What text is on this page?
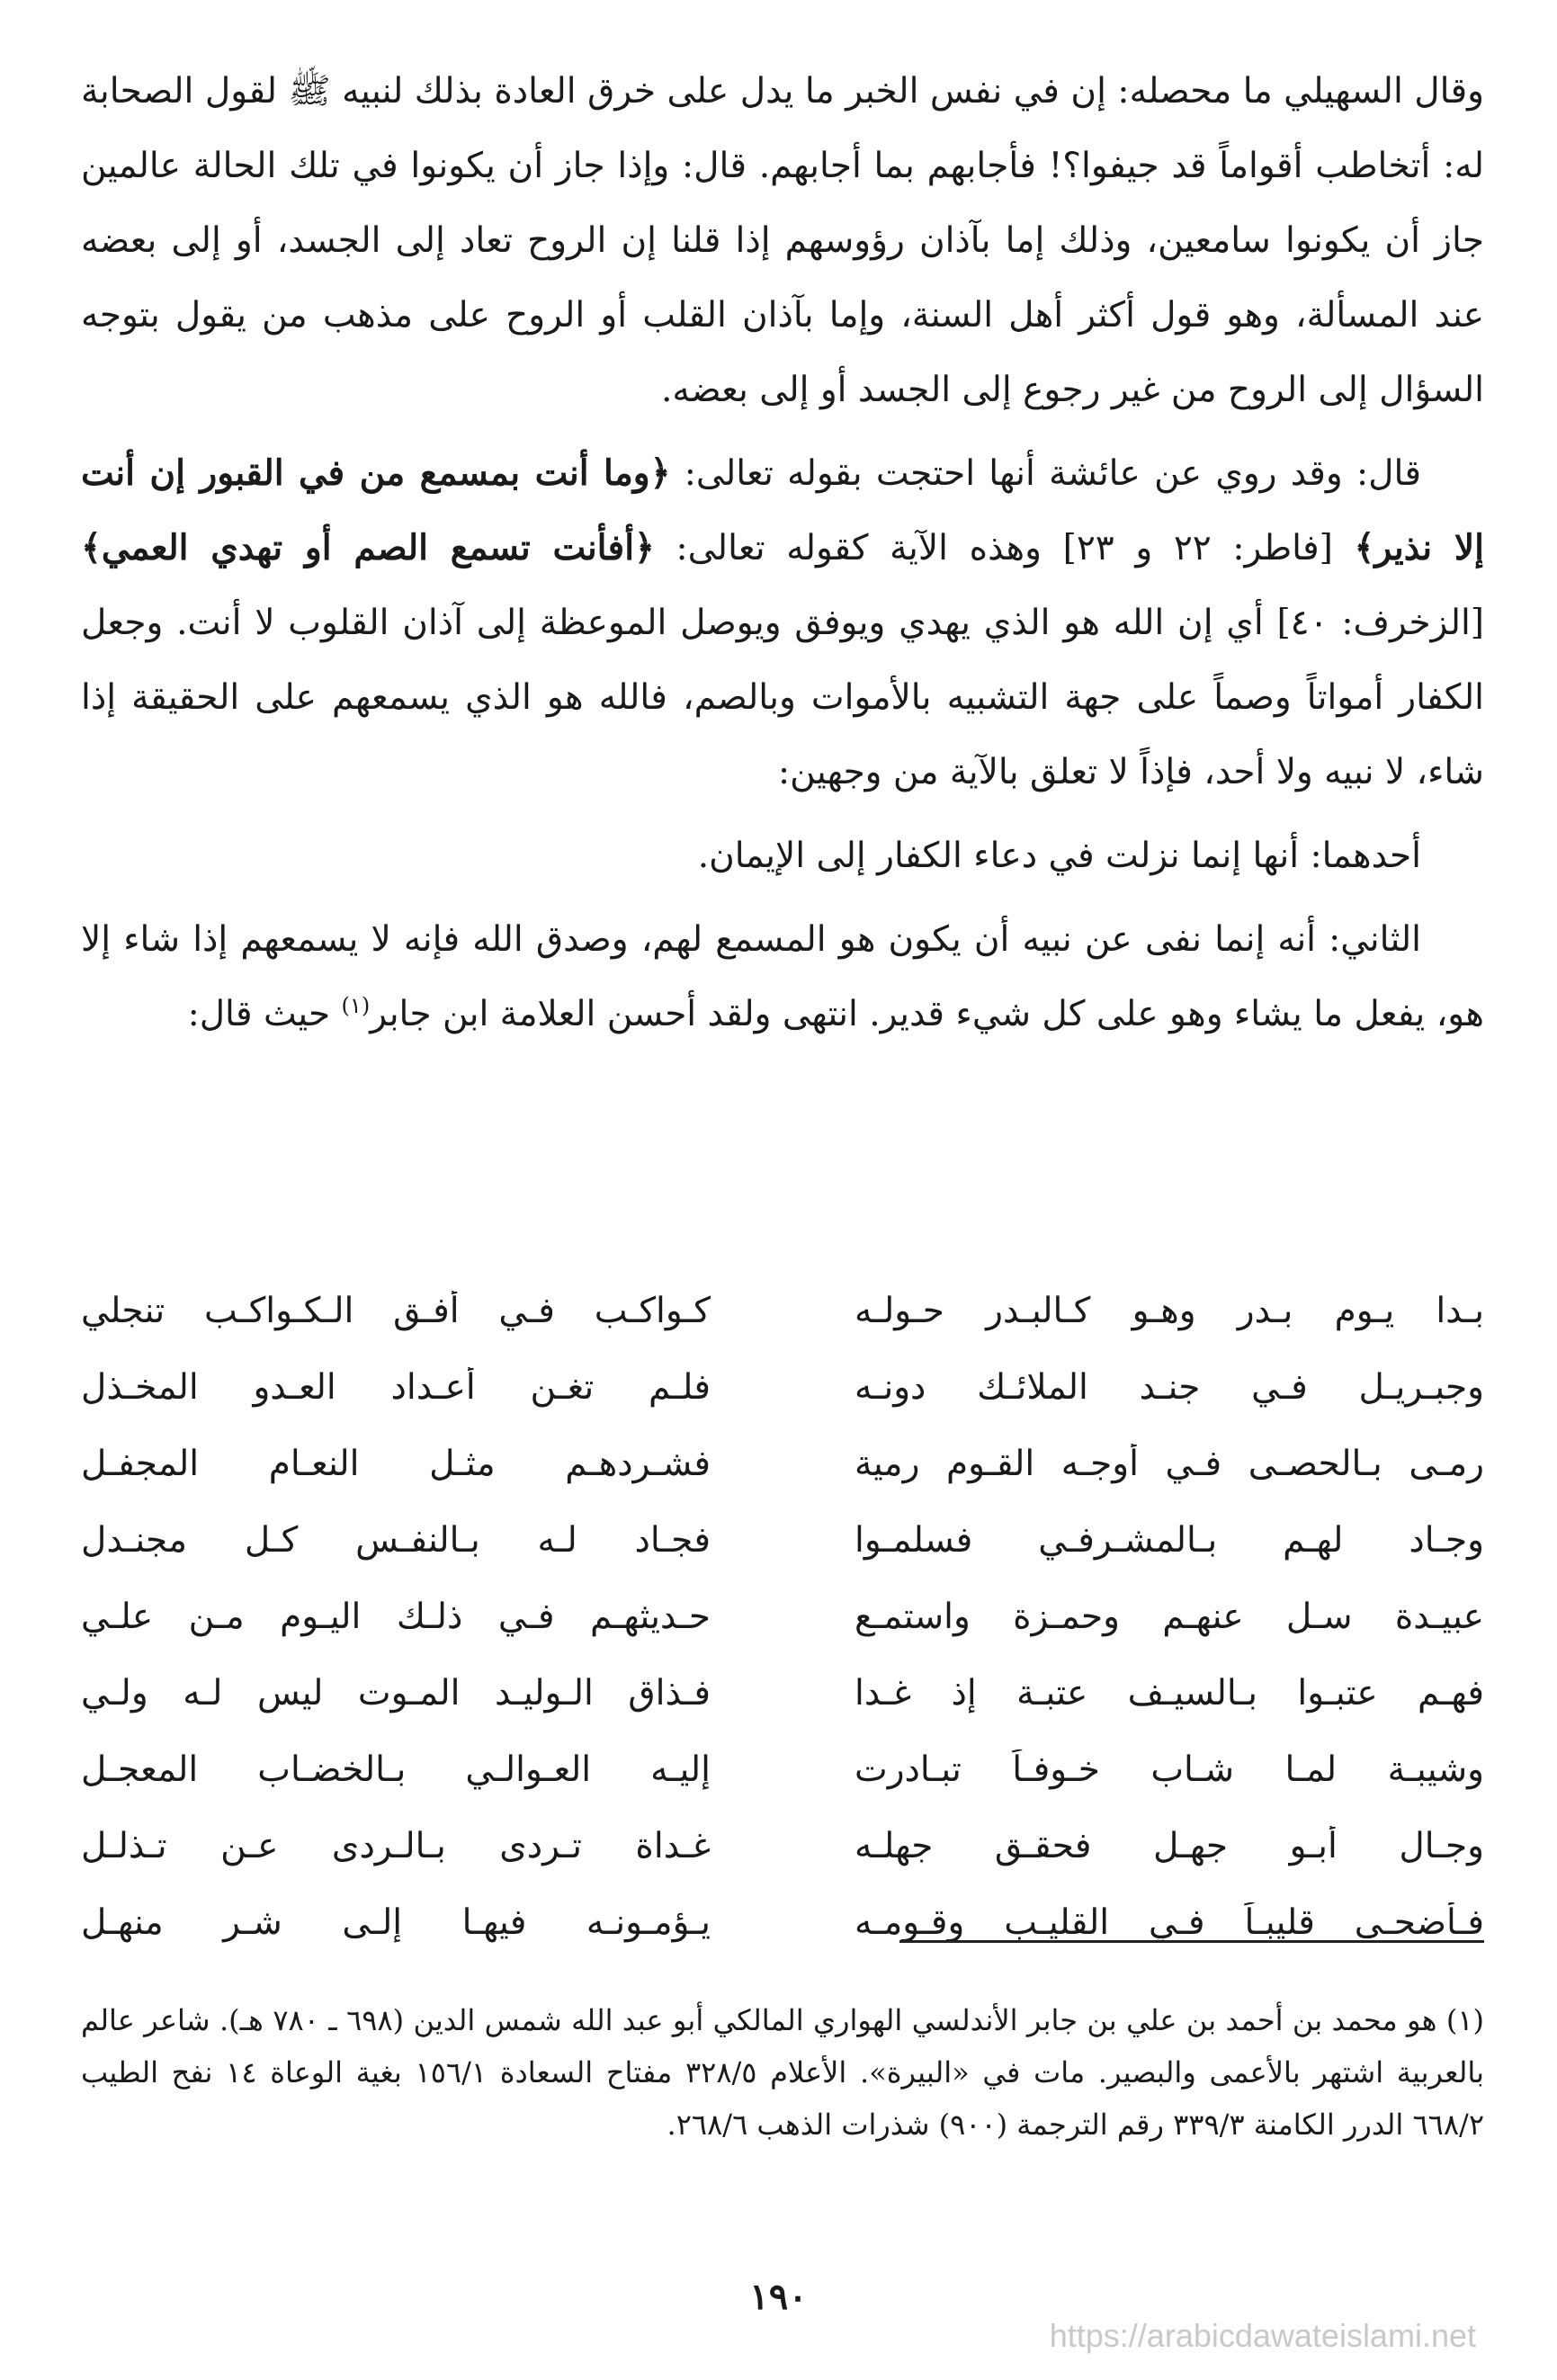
وقال السهيلي ما محصله: إن في نفس الخبر ما يدل على خرق العادة بذلك لنبيه ﷺ لقول الصحابة له: أتخاطب أقواماً قد جيفوا؟! فأجابهم بما أجابهم. قال: وإذا جاز أن يكونوا في تلك الحالة عالمين جاز أن يكونوا سامعين، وذلك إما بآذان رؤوسهم إذا قلنا إن الروح تعاد إلى الجسد، أو إلى بعضه عند المسألة، وهو قول أكثر أهل السنة، وإما بآذان القلب أو الروح على مذهب من يقول بتوجه السؤال إلى الروح من غير رجوع إلى الجسد أو إلى بعضه.

قال: وقد روي عن عائشة أنها احتجت بقوله تعالى: ﴿وما أنت بمسمع من في القبور إن أنت إلا نذير﴾ [فاطر: ٢٢ و ٢٣] وهذه الآية كقوله تعالى: ﴿أفأنت تسمع الصم أو تهدي العمي﴾ [الزخرف: ٤٠] أي إن الله هو الذي يهدي ويوفق ويوصل الموعظة إلى آذان القلوب لا أنت. وجعل الكفار أمواتاً وصماً على جهة التشبيه بالأموات وبالصم، فالله هو الذي يسمعهم على الحقيقة إذا شاء، لا نبيه ولا أحد، فإذاً لا تعلق بالآية من وجهين:

أحدهما: أنها إنما نزلت في دعاء الكفار إلى الإيمان.

الثاني: أنه إنما نفى عن نبيه أن يكون هو المسمع لهم، وصدق الله فإنه لا يسمعهم إذا شاء إلا هو، يفعل ما يشاء وهو على كل شيء قدير. انتهى ولقد أحسن العلامة ابن جابر$^{(١)}$ حيث قال:

بـدا يـوم بـدر وهـو كـالبـدر حـولـه
كـواكـب فـي أفـق الـكـواكـب تنجلي
وجبـريـل فـي جنـد الملائـك دونـه
فلـم تغـن أعـداد العـدو المخـذل
رمـى بـالحصـى فـي أوجـه القـوم رمية
فشـردهـم مثـل النعـام المجفـل
وجـاد لهـم بـالمشـرفـي فسلمـوا
فجـاد لـه بـالنفـس كـل مجنـدل
عبيـدة سـل عنهـم وحمـزة واستمـع
حـديثهـم فـي ذلـك اليـوم مـن علـي
فهـم عتبـوا بـالسيـف عتبـة إذ غـدا
فـذاق الـوليـد المـوت ليس لـه ولـي
وشيبـة لمـا شـاب خـوفـاً تبـادرت
إليـه العـوالـي بـالخضـاب المعجـل
وجـال أبـو جهـل فحقـق جهلـه
غـداة تـردى بـالـردى عـن تـذلـل
فـأضحـى قليبـاً فـي القليـب وقـومـه
يـؤمـونـه فيهـا إلـى شـر منهـل

(١) هو محمد بن أحمد بن علي بن جابر الأندلسي الهواري المالكي أبو عبد الله شمس الدين (٦٩٨ ـ ٧٨٠ هـ). شاعر عالم بالعربية اشتهر بالأعمى والبصير. مات في «البيرة». الأعلام ٣٢٨/٥ مفتاح السعادة ١٥٦/١ بغية الوعاة ١٤ نفح الطيب ٦٦٨/٢ الدرر الكامنة ٣٣٩/٣ رقم الترجمة (٩٠٠) شذرات الذهب ٢٦٨/٦.

١٩٠
https://arabicdawateislami.net
